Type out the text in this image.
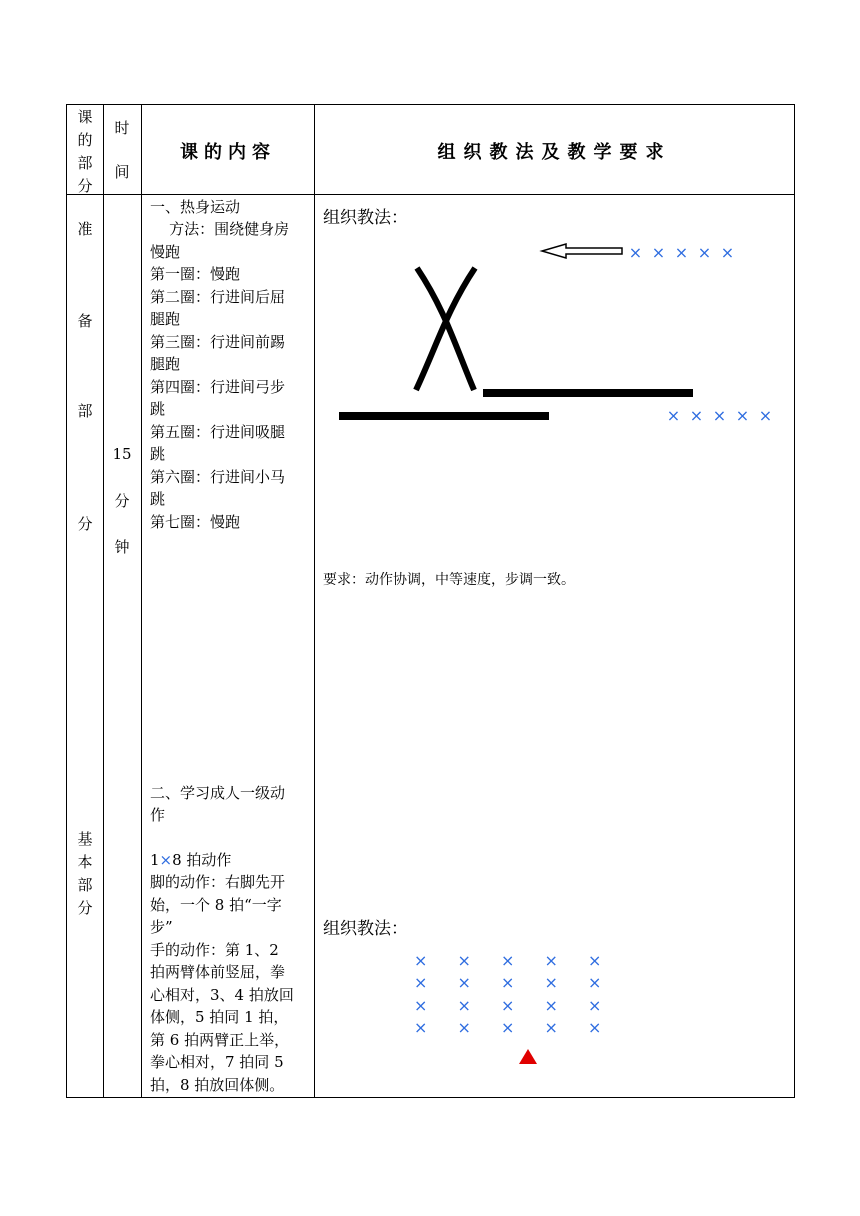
课
的
部
分
时
间
课的内容	组织教法及教学要求
准
备
部
分
15
分
钟
一、热身运动
方法：围绕健身房
慢跑
第一圈：慢跑
第二圈：行进间后屈
腿跑
第三圈：行进间前踢
腿跑
第四圈：行进间弓步
跳
第五圈：行进间吸腿
跳
第六圈：行进间小马
跳
第七圈：慢跑
组织教法：
× × × × ×
× × × × ×
要求：动作协调，中等速度，步调一致。
基
本
部
分
二、学习成人一级动
作
1×8 拍动作
脚的动作：右脚先开
始，一个 8 拍“一字
步”
手的动作：第 1、2
拍两臂体前竖屈，拳
心相对，3、4 拍放回
体侧，5 拍同 1 拍，
第 6 拍两臂正上举，
拳心相对，7 拍同 5
拍，8 拍放回体侧。
组织教法：
× × × × ×
× × × × ×
× × × × ×
× × × × ×
